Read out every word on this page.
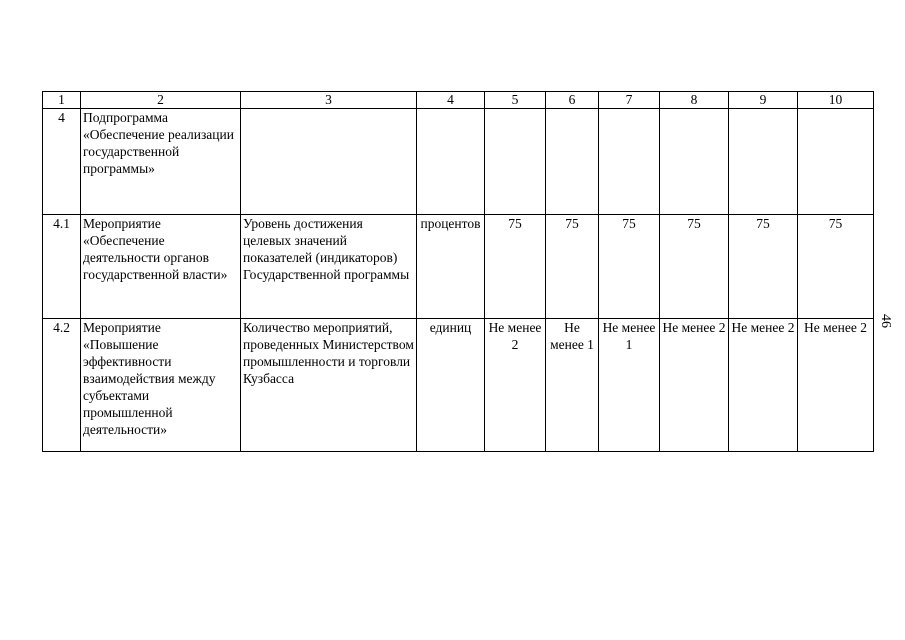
1	2	3	4	5	6	7	8	9	10
4	Подпрограмма «Обеспечение реализации государственной программы»								
4.1	Мероприятие «Обеспечение деятельности органов государственной власти»	Уровень достижения целевых значений показателей (индикаторов) Государственной программы	процентов	75	75	75	75	75	75
4.2	Мероприятие «Повышение эффективности взаимодействия между субъектами промышленной деятельности»	Количество мероприятий, проведенных Министерством промышленности и торговли Кузбасса	единиц	Не менее 2	Не менее 1	Не менее 1	Не менее 2	Не менее 2	Не менее 2 46
